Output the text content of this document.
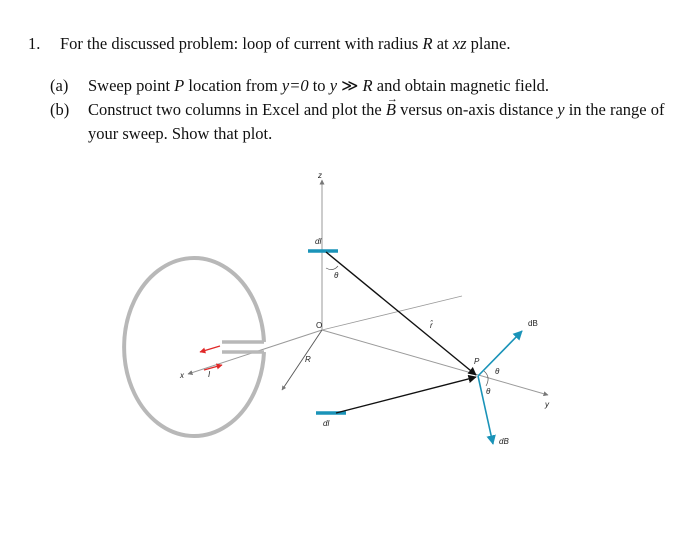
1.	For the discussed problem: loop of current with radius R at xz plane.
(a) Sweep point P location from y=0 to y ≫ R and obtain magnetic field.
(b) Construct two columns in Excel and plot the → B versus on-axis distance y in the range of your sweep. Show that plot.
z
dl
θ
O	r̂
R
x	I
P
θ
θ
dB
y
dB
dl
